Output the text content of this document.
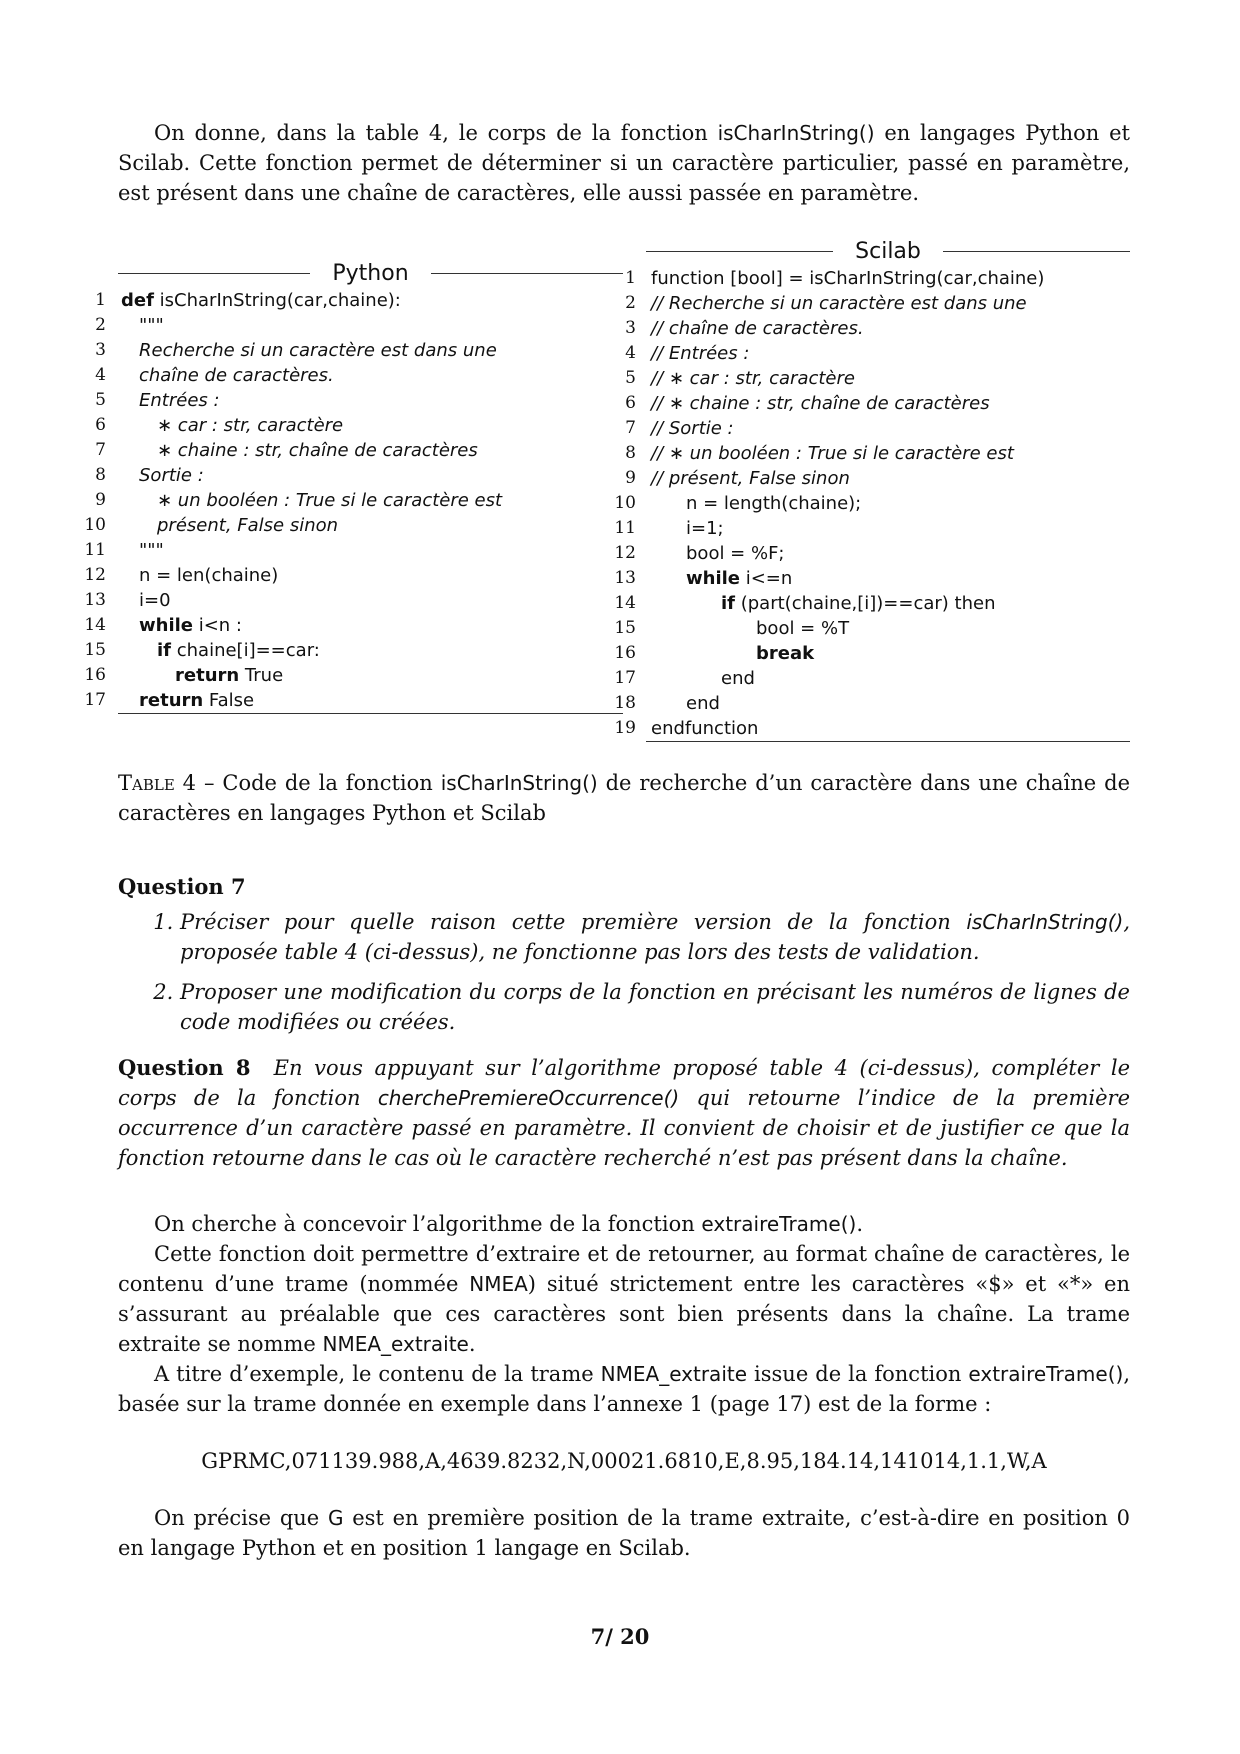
On donne, dans la table 4, le corps de la fonction isCharInString() en langages Python et Scilab. Cette fonction permet de déterminer si un caractère particulier, passé en paramètre, est présent dans une chaîne de caractères, elle aussi passée en paramètre.

Python
1 def isCharInString(car,chaine):
2 """
3 Recherche si un caractère est dans une
4 chaîne de caractères.
5 Entrées :
6	∗ car : str, caractère
7	∗ chaine : str, chaîne de caractères
8 Sortie :
9	∗ un booléen : True si le caractère est
10	présent, False sinon
11 """
12 n = len(chaine)
13 i=0
14 while i<n :
15	if chaine[i]==car:
16	return True
17 return False
Scilab
1 function [bool] = isCharInString(car,chaine)
2 // Recherche si un caractère est dans une
3 // chaîne de caractères.
4 // Entrées :
5 // ∗ car : str, caractère
6 // ∗ chaine : str, chaîne de caractères
7 // Sortie :
8 // ∗ un booléen : True si le caractère est
9 // présent, False sinon
10	n = length(chaine);
11	i=1;
12	bool = %F;
13	while i<=n
14	if (part(chaine,[i])==car) then
15	bool = %T
16	break
17	end
18	end
19 endfunction
Table 4 – Code de la fonction isCharInString() de recherche d’un caractère dans une chaîne de caractères en langages Python et Scilab
Question 7
1. Préciser pour quelle raison cette première version de la fonction isCharInString(), proposée table 4 (ci-dessus), ne fonctionne pas lors des tests de validation.
2. Proposer une modification du corps de la fonction en précisant les numéros de lignes de code modifiées ou créées.
Question 8 En vous appuyant sur l’algorithme proposé table 4 (ci-dessus), compléter le corps de la fonction cherchePremiereOccurrence() qui retourne l’indice de la première occurrence d’un caractère passé en paramètre. Il convient de choisir et de justifier ce que la fonction retourne dans le cas où le caractère recherché n’est pas présent dans la chaîne.

On cherche à concevoir l’algorithme de la fonction extraireTrame().

Cette fonction doit permettre d’extraire et de retourner, au format chaîne de caractères, le contenu d’une trame (nommée NMEA) situé strictement entre les caractères «$» et «*» en s’assurant au préalable que ces caractères sont bien présents dans la chaîne. La trame extraite se nomme NMEA_extraite.

A titre d’exemple, le contenu de la trame NMEA_extraite issue de la fonction extraireTrame(), basée sur la trame donnée en exemple dans l’annexe 1 (page 17) est de la forme :

GPRMC,071139.988,A,4639.8232,N,00021.6810,E,8.95,184.14,141014,1.1,W,A

On précise que G est en première position de la trame extraite, c’est-à-dire en position 0 en langage Python et en position 1 langage en Scilab.

7/ 20
